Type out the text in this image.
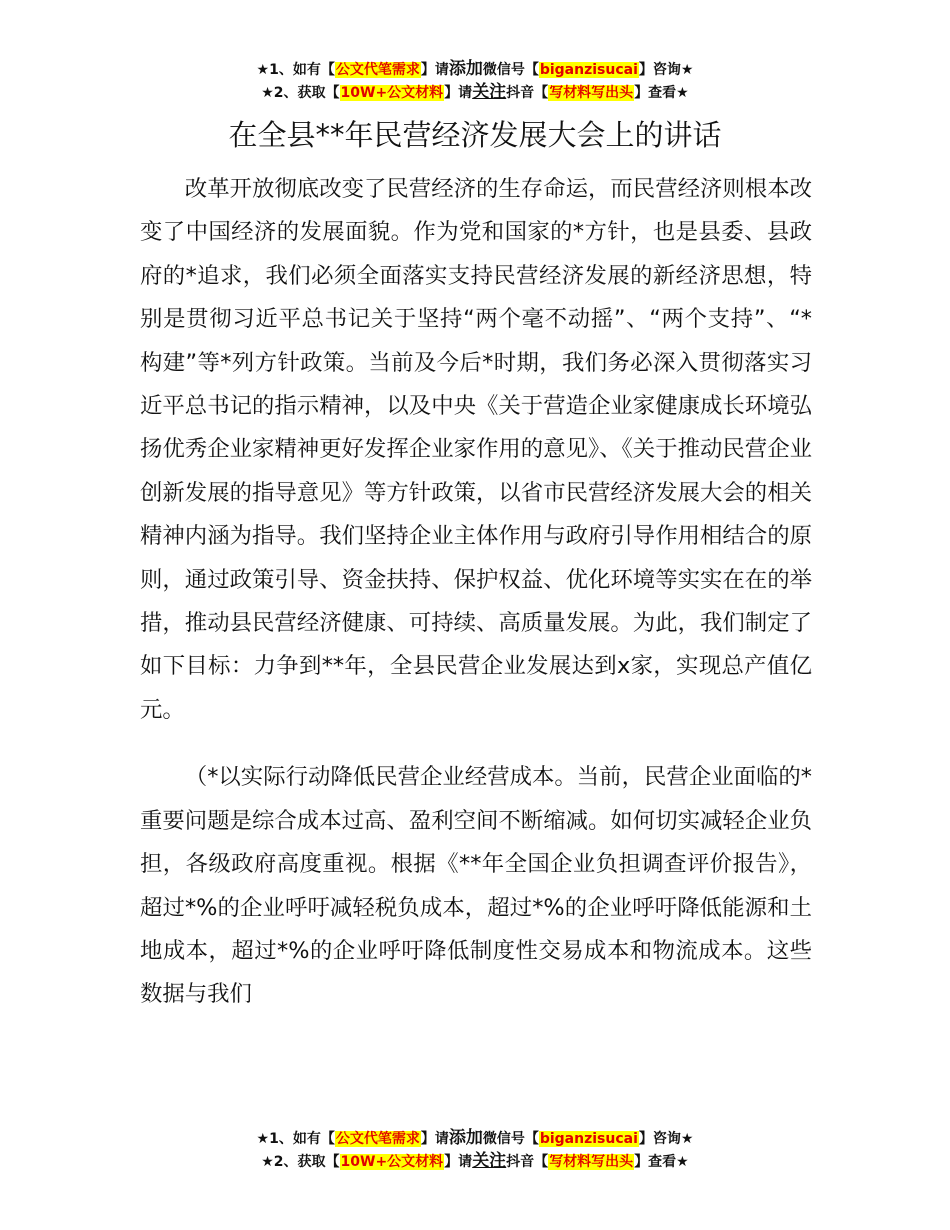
★1、如有【公文代笔需求】请添加微信号【biganzisucai】咨询★
★2、获取【10W+公文材料】请关注抖音【写材料写出头】查看★
在全县**年民营经济发展大会上的讲话

改革开放彻底改变了民营经济的生存命运，而民营经济则根本改变了中国经济的发展面貌。作为党和国家的*方针，也是县委、县政府的*追求，我们必须全面落实支持民营经济发展的新经济思想，特别是贯彻习近平总书记关于坚持“两个毫不动摇”、“两个支持”、“*构建”等*列方针政策。当前及今后*时期，我们务必深入贯彻落实习近平总书记的指示精神，以及中央《关于营造企业家健康成长环境弘扬优秀企业家精神更好发挥企业家作用的意见》、《关于推动民营企业创新发展的指导意见》等方针政策，以省市民营经济发展大会的相关精神内涵为指导。我们坚持企业主体作用与政府引导作用相结合的原则，通过政策引导、资金扶持、保护权益、优化环境等实实在在的举措，推动县民营经济健康、可持续、高质量发展。为此，我们制定了如下目标：力争到**年，全县民营企业发展达到x家，实现总产值亿元。

（*以实际行动降低民营企业经营成本。当前，民营企业面临的*重要问题是综合成本过高、盈利空间不断缩减。如何切实减轻企业负担，各级政府高度重视。根据《**年全国企业负担调查评价报告》，超过*%的企业呼吁减轻税负成本，超过*%的企业呼吁降低能源和土地成本，超过*%的企业呼吁降低制度性交易成本和物流成本。这些数据与我们

★1、如有【公文代笔需求】请添加微信号【biganzisucai】咨询★
★2、获取【10W+公文材料】请关注抖音【写材料写出头】查看★
